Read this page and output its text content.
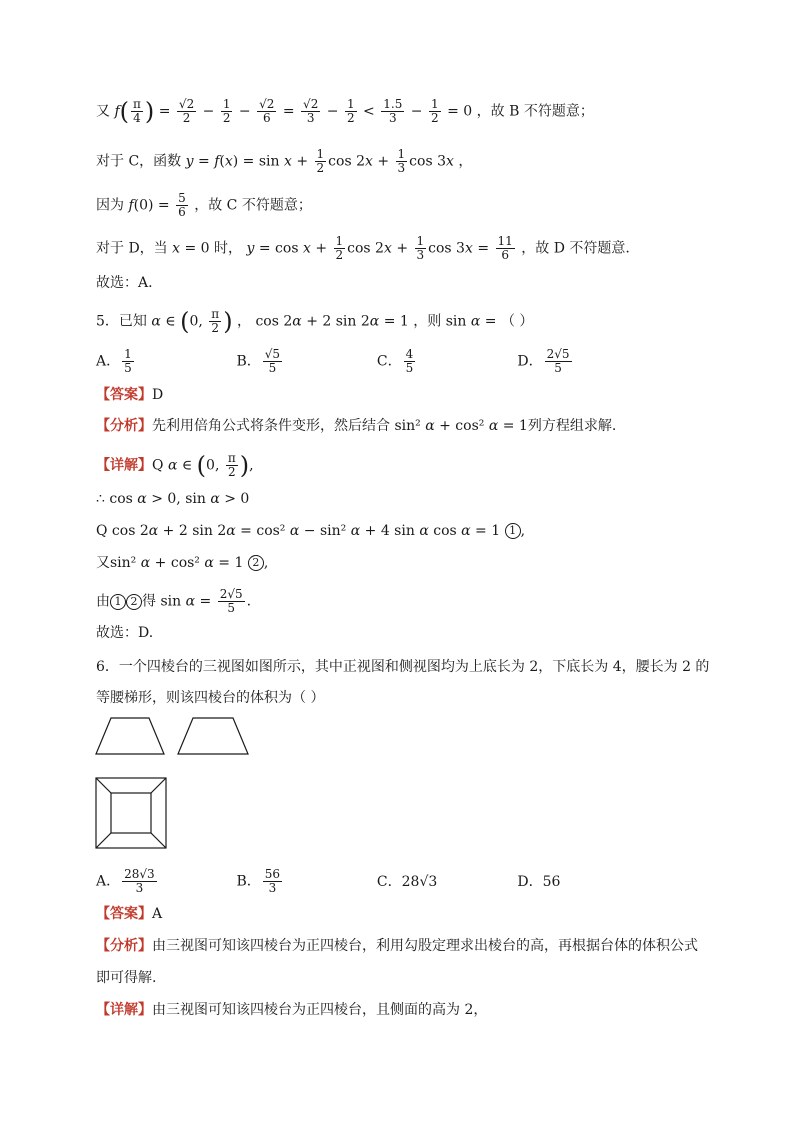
又 $f( \frac{\pi}{4}$ ) = $\frac{√2}{2} - \frac{1}{2} - \frac{√2}{6} = \frac{√2}{3} - \frac{1}{2} < \frac{1.5}{3} - \frac{1}{2} = 0$ ，故 B 不符题意；
对于 C，函数 $y = f(x) = \sin x + \frac{1}{2}$ $\cos 2x + \frac{1}{3}$ cos 3x ，
因为 $f(0) = \frac{5}{6}$ ，故 C 不符题意；
对于 D，当 x = 0 时， $y = \cos x + \frac{1}{2}$ $\cos 2x + \frac{1}{3}$ $\cos 3x = \frac{11}{6}$ ，故 D 不符题意.
故选：A.
5．已知 α ∈ (0, $\frac{\pi}{2}$ ) ， cos 2α + 2 sin 2α = 1 ，则 sin α = （ ）
A． $\frac{1}{5}$	B． $\frac{√5}{5}$	C． $\frac{4}{5}$	D． $\frac{2√5}{5}$
【答案】D
【分析】先利用倍角公式将条件变形，然后结合 sin² α + cos² α = 1列方程组求解.
【详解】Q α ∈ (0, $\frac{\pi}{2}$ ),
∴ cos α > 0, sin α > 0
Q cos 2α + 2 sin 2α = cos² α − sin² α + 4 sin α cos α = 1 1 ,
又sin² α + cos² α = 1 2 ,
由 1 2 得 $\sin \alpha = \frac{2√5}{5}$ .
故选：D.
6．一个四棱台的三视图如图所示，其中正视图和侧视图均为上底长为 2，下底长为 4，腰长为 2 的
等腰梯形，则该四棱台的体积为（ ）
A． $\frac{28√3}{3}$	B． $\frac{56}{3}$	C．28√3	D．56
【答案】A
【分析】由三视图可知该四棱台为正四棱台，利用勾股定理求出棱台的高，再根据台体的体积公式
即可得解.
【详解】由三视图可知该四棱台为正四棱台，且侧面的高为 2，
